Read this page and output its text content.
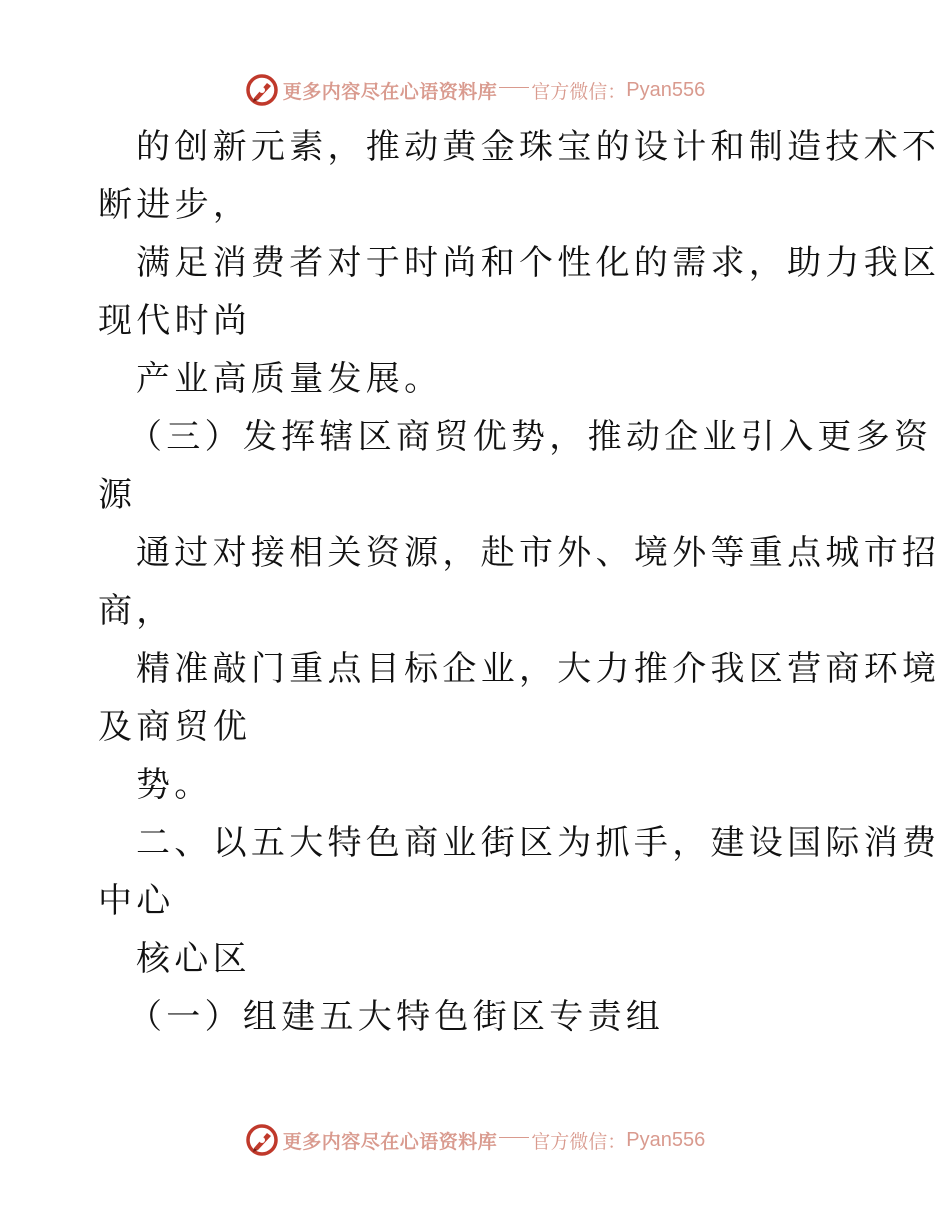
更多内容尽在心语资料库 官方微信： Pyan556
的创新元素，推动黄金珠宝的设计和制造技术不
断进步，
满足消费者对于时尚和个性化的需求，助力我区
现代时尚
产业高质量发展。
（三）发挥辖区商贸优势，推动企业引入更多资
源
通过对接相关资源，赴市外、境外等重点城市招
商，
精准敲门重点目标企业，大力推介我区营商环境
及商贸优
势。
二、以五大特色商业街区为抓手，建设国际消费
中心
核心区
（一）组建五大特色街区专责组
更多内容尽在心语资料库 官方微信： Pyan556
